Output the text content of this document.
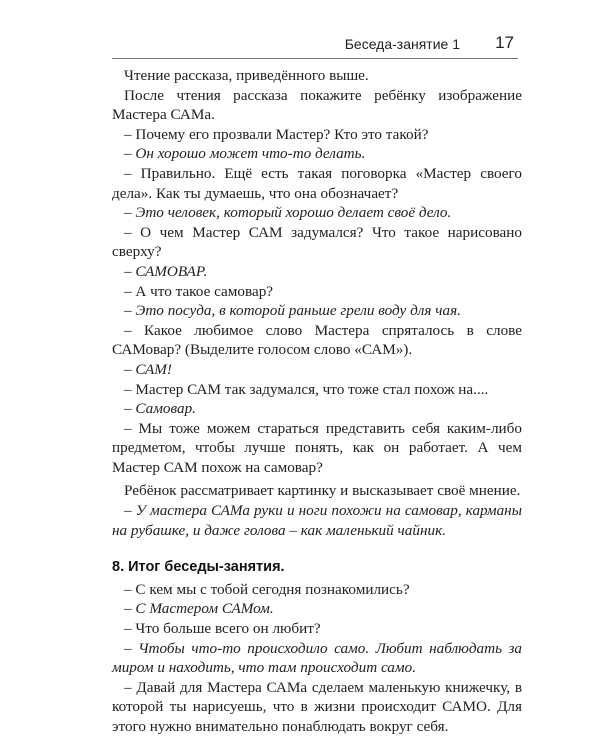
Беседа-занятие 1 17

Чтение рассказа, приведённого выше.

После чтения рассказа покажите ребёнку изображение Мастера САМа.

– Почему его прозвали Мастер? Кто это такой?

– Он хорошо может что-то делать.

– Правильно. Ещё есть такая поговорка «Мастер своего дела». Как ты думаешь, что она обозначает?

– Это человек, который хорошо делает своё дело.

– О чем Мастер САМ задумался? Что такое нарисовано сверху?

– САМОВАР.

– А что такое самовар?

– Это посуда, в которой раньше грели воду для чая.

– Какое любимое слово Мастера спряталось в слове САМовар? (Выделите голосом слово «САМ»).

– САМ!

– Мастер САМ так задумался, что тоже стал похож на....

– Самовар.

– Мы тоже можем стараться представить себя каким-либо предметом, чтобы лучше понять, как он работает. А чем Мастер САМ похож на самовар?

Ребёнок рассматривает картинку и высказывает своё мнение.

– У мастера САМа руки и ноги похожи на самовар, карманы на рубашке, и даже голова – как маленький чайник.

8. Итог беседы-занятия.

– С кем мы с тобой сегодня познакомились?

– С Мастером САМом.

– Что больше всего он любит?

– Чтобы что-то происходило само. Любит наблюдать за миром и находить, что там происходит само.

– Давай для Мастера САМа сделаем маленькую книжечку, в которой ты нарисуешь, что в жизни происходит САМО. Для этого нужно внимательно понаблюдать вокруг себя.
